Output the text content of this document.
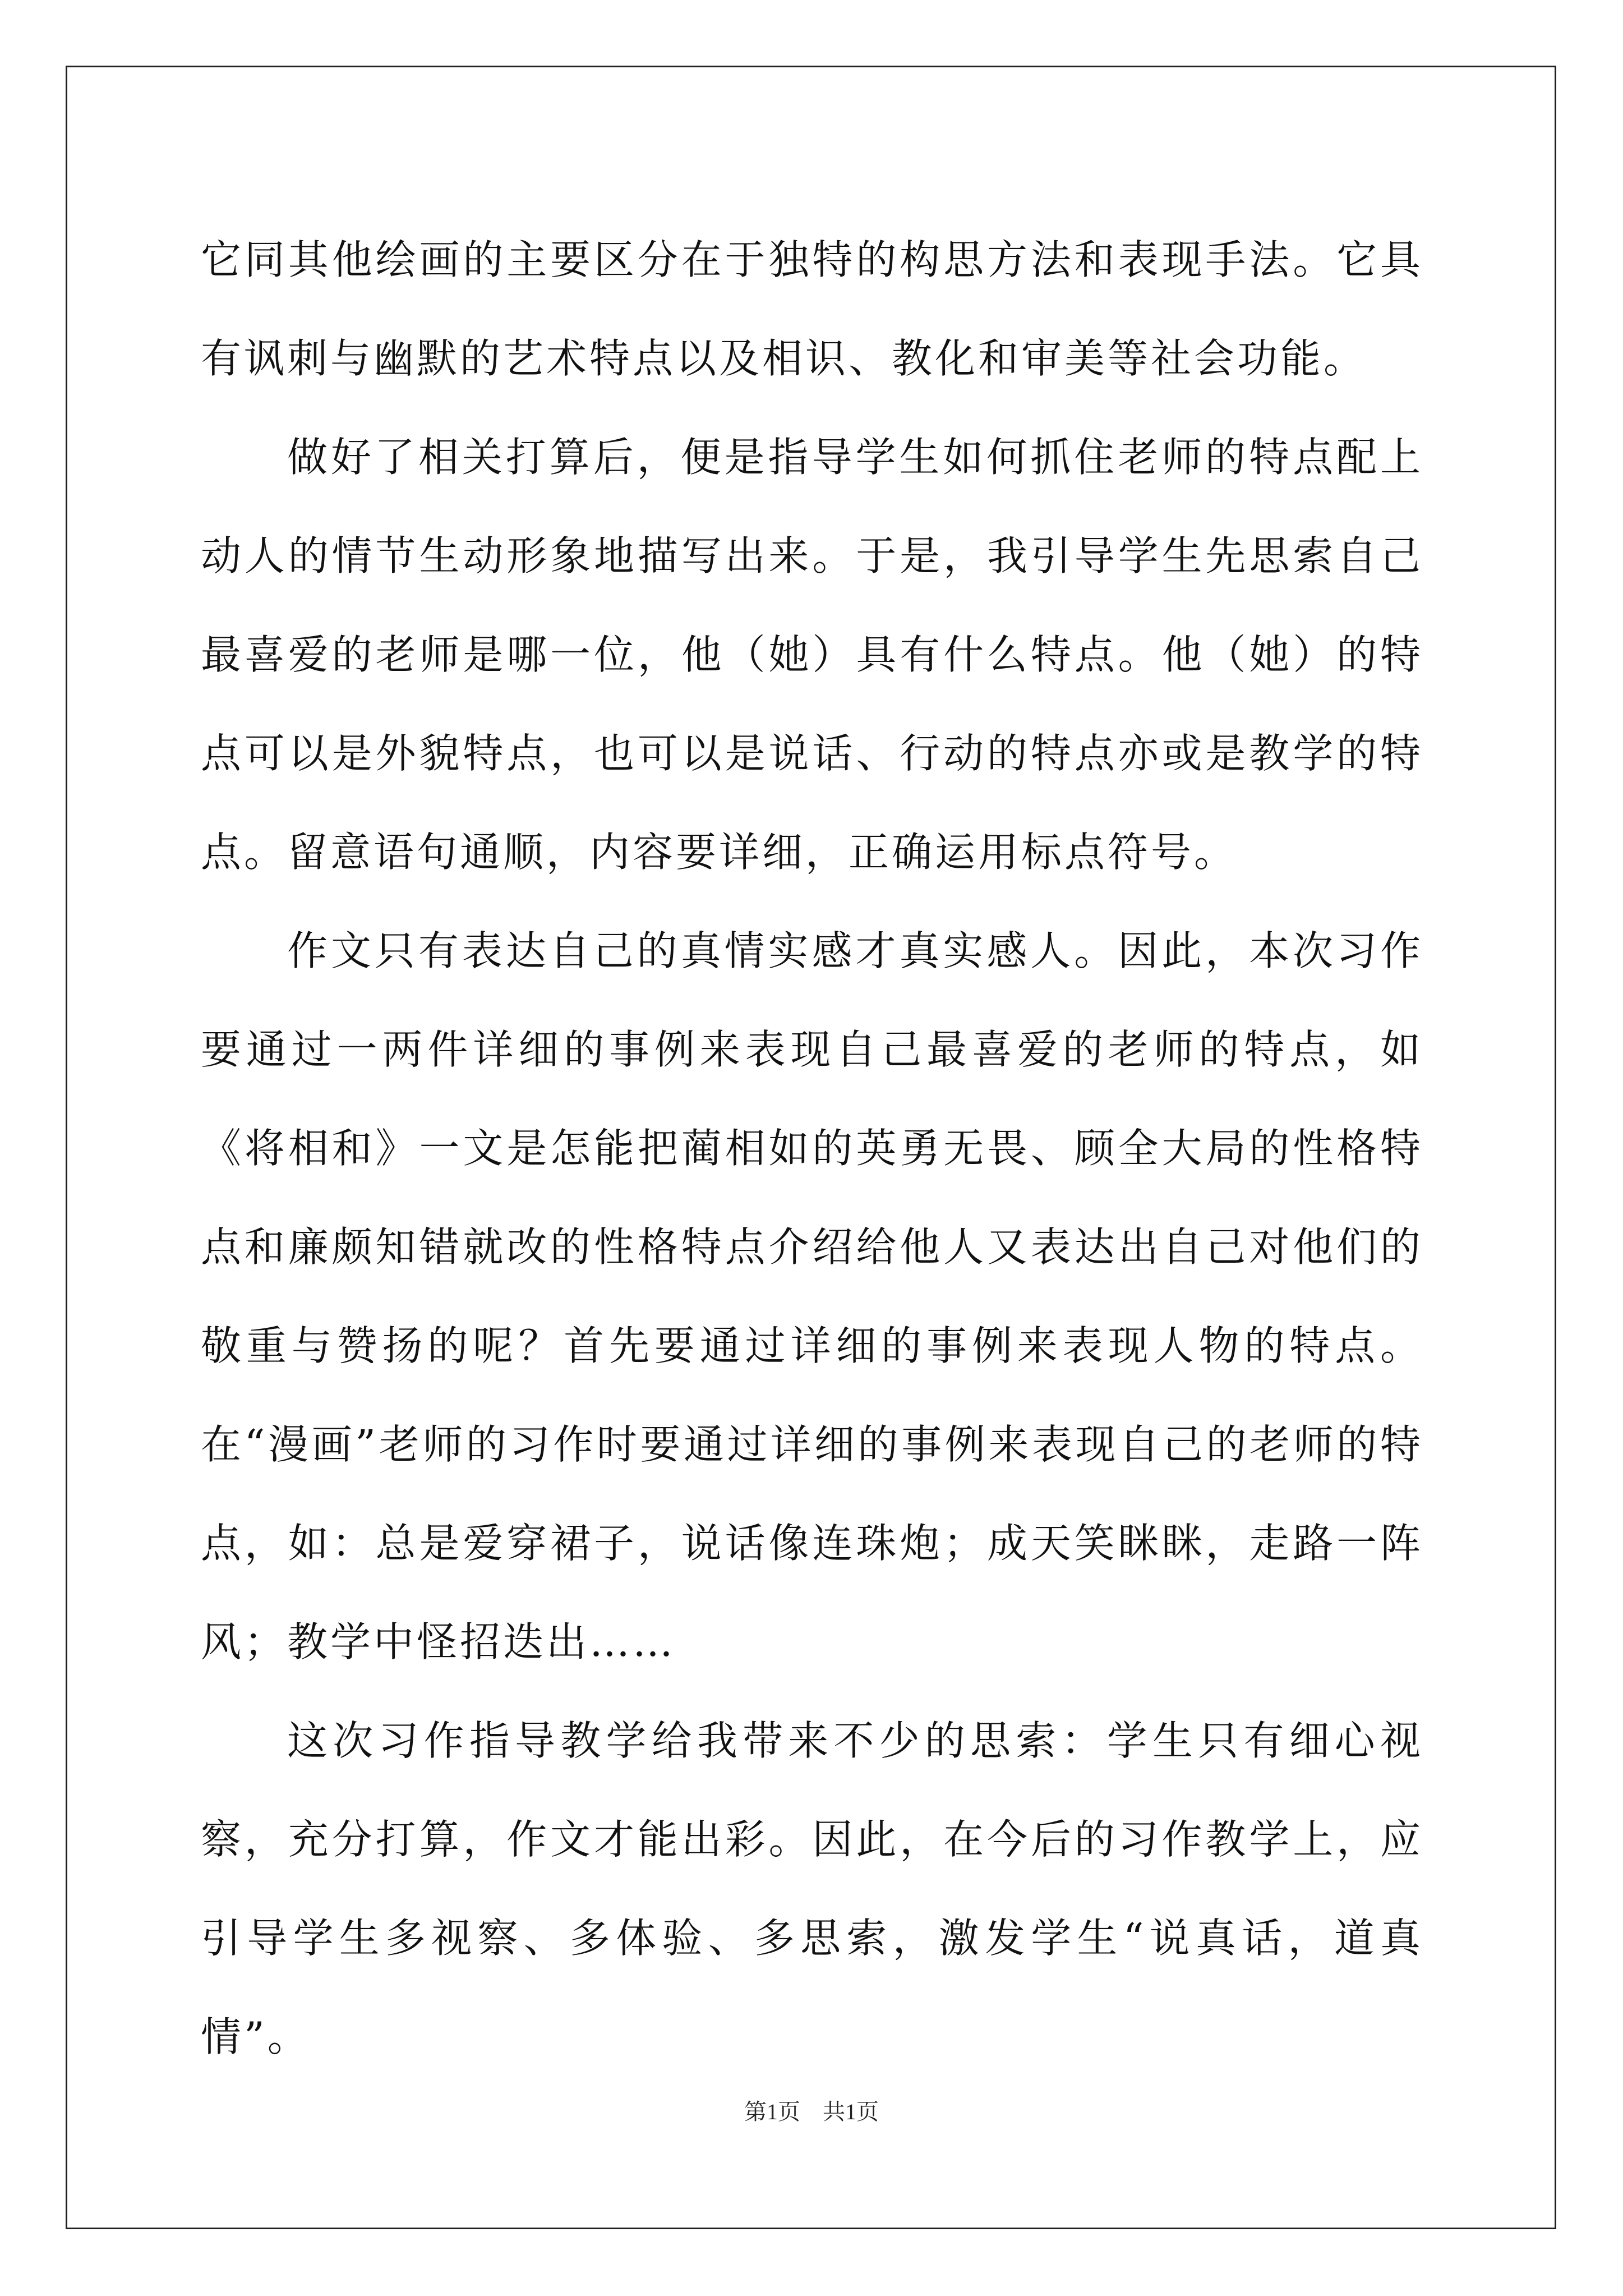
它同其他绘画的主要区分在于独特的构思方法和表现手法。它具有讽刺与幽默的艺术特点以及相识、教化和审美等社会功能。

做好了相关打算后，便是指导学生如何抓住老师的特点配上动人的情节生动形象地描写出来。于是，我引导学生先思索自己最喜爱的老师是哪一位，他（她）具有什么特点。他（她）的特点可以是外貌特点，也可以是说话、行动的特点亦或是教学的特点。留意语句通顺，内容要详细，正确运用标点符号。

作文只有表达自己的真情实感才真实感人。因此，本次习作要通过一两件详细的事例来表现自己最喜爱的老师的特点，如《将相和》一文是怎能把蔺相如的英勇无畏、顾全大局的性格特点和廉颇知错就改的性格特点介绍给他人又表达出自己对他们的敬重与赞扬的呢？首先要通过详细的事例来表现人物的特点。在“漫画”老师的习作时要通过详细的事例来表现自己的老师的特点，如：总是爱穿裙子，说话像连珠炮；成天笑眯眯，走路一阵风；教学中怪招迭出……

这次习作指导教学给我带来不少的思索：学生只有细心视察，充分打算，作文才能出彩。因此，在今后的习作教学上，应引导学生多视察、多体验、多思索，激发学生“说真话，道真情”。

第1页　共1页
